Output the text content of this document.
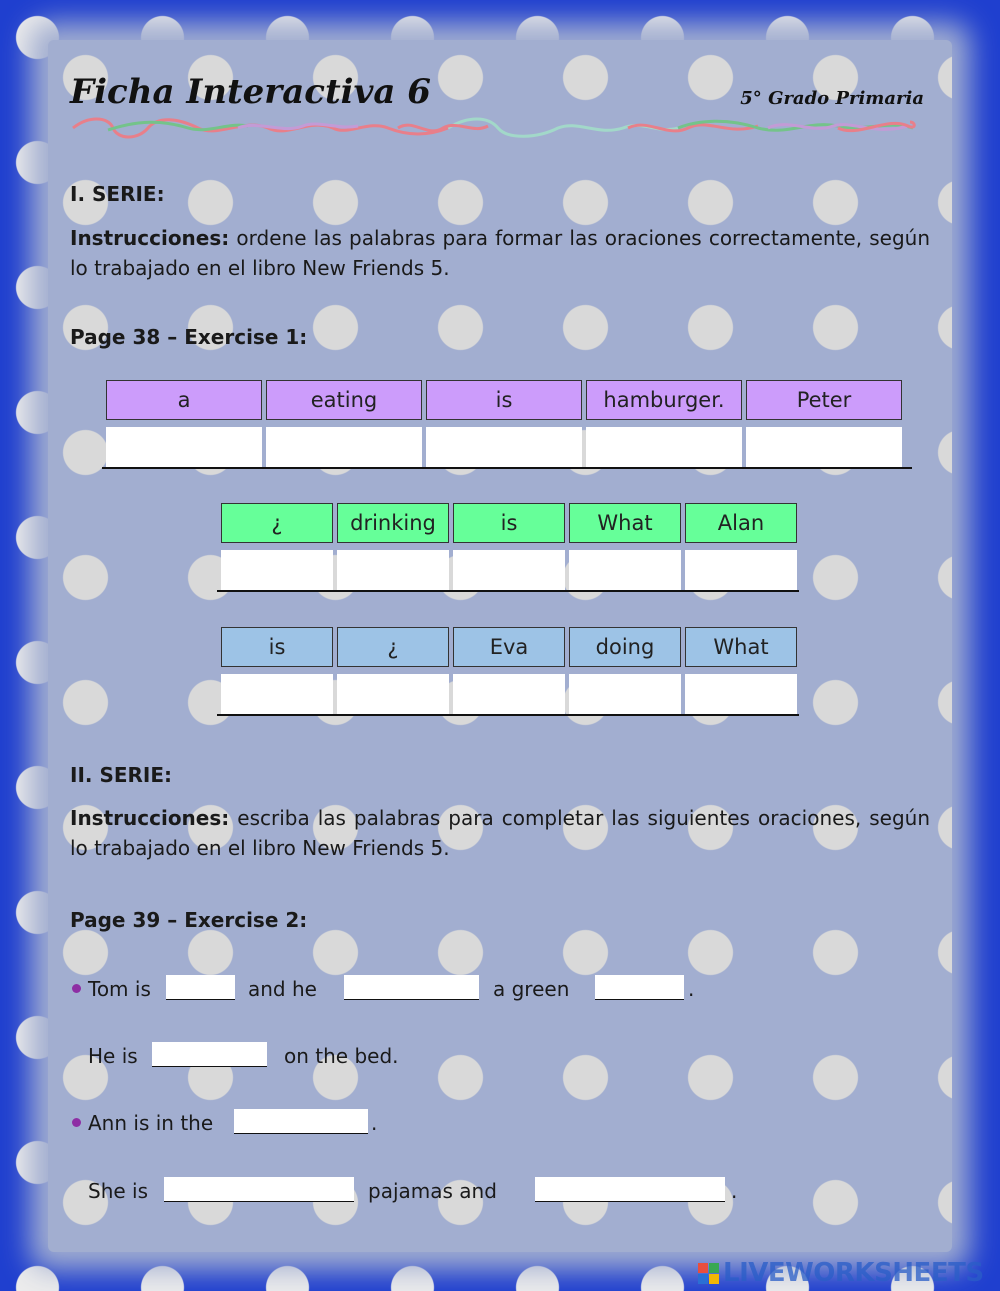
Ficha Interactiva 6	5° Grado Primaria
I. SERIE:
Instrucciones: ordene las palabras para formar las oraciones correctamente, según lo trabajado en el libro New Friends 5.
Page 38 – Exercise 1:
a	eating	is	hamburger.	Peter
¿	drinking	is	What	Alan
is	¿	Eva	doing	What
II. SERIE:
Instrucciones: escriba las palabras para completar las siguientes oraciones, según lo trabajado en el libro New Friends 5.
Page 39 – Exercise 2:
Tom is	and he	a green	.
He is	on the bed.
Ann is in the	.
She is	pajamas and	.
LIVEWORKSHEETS
